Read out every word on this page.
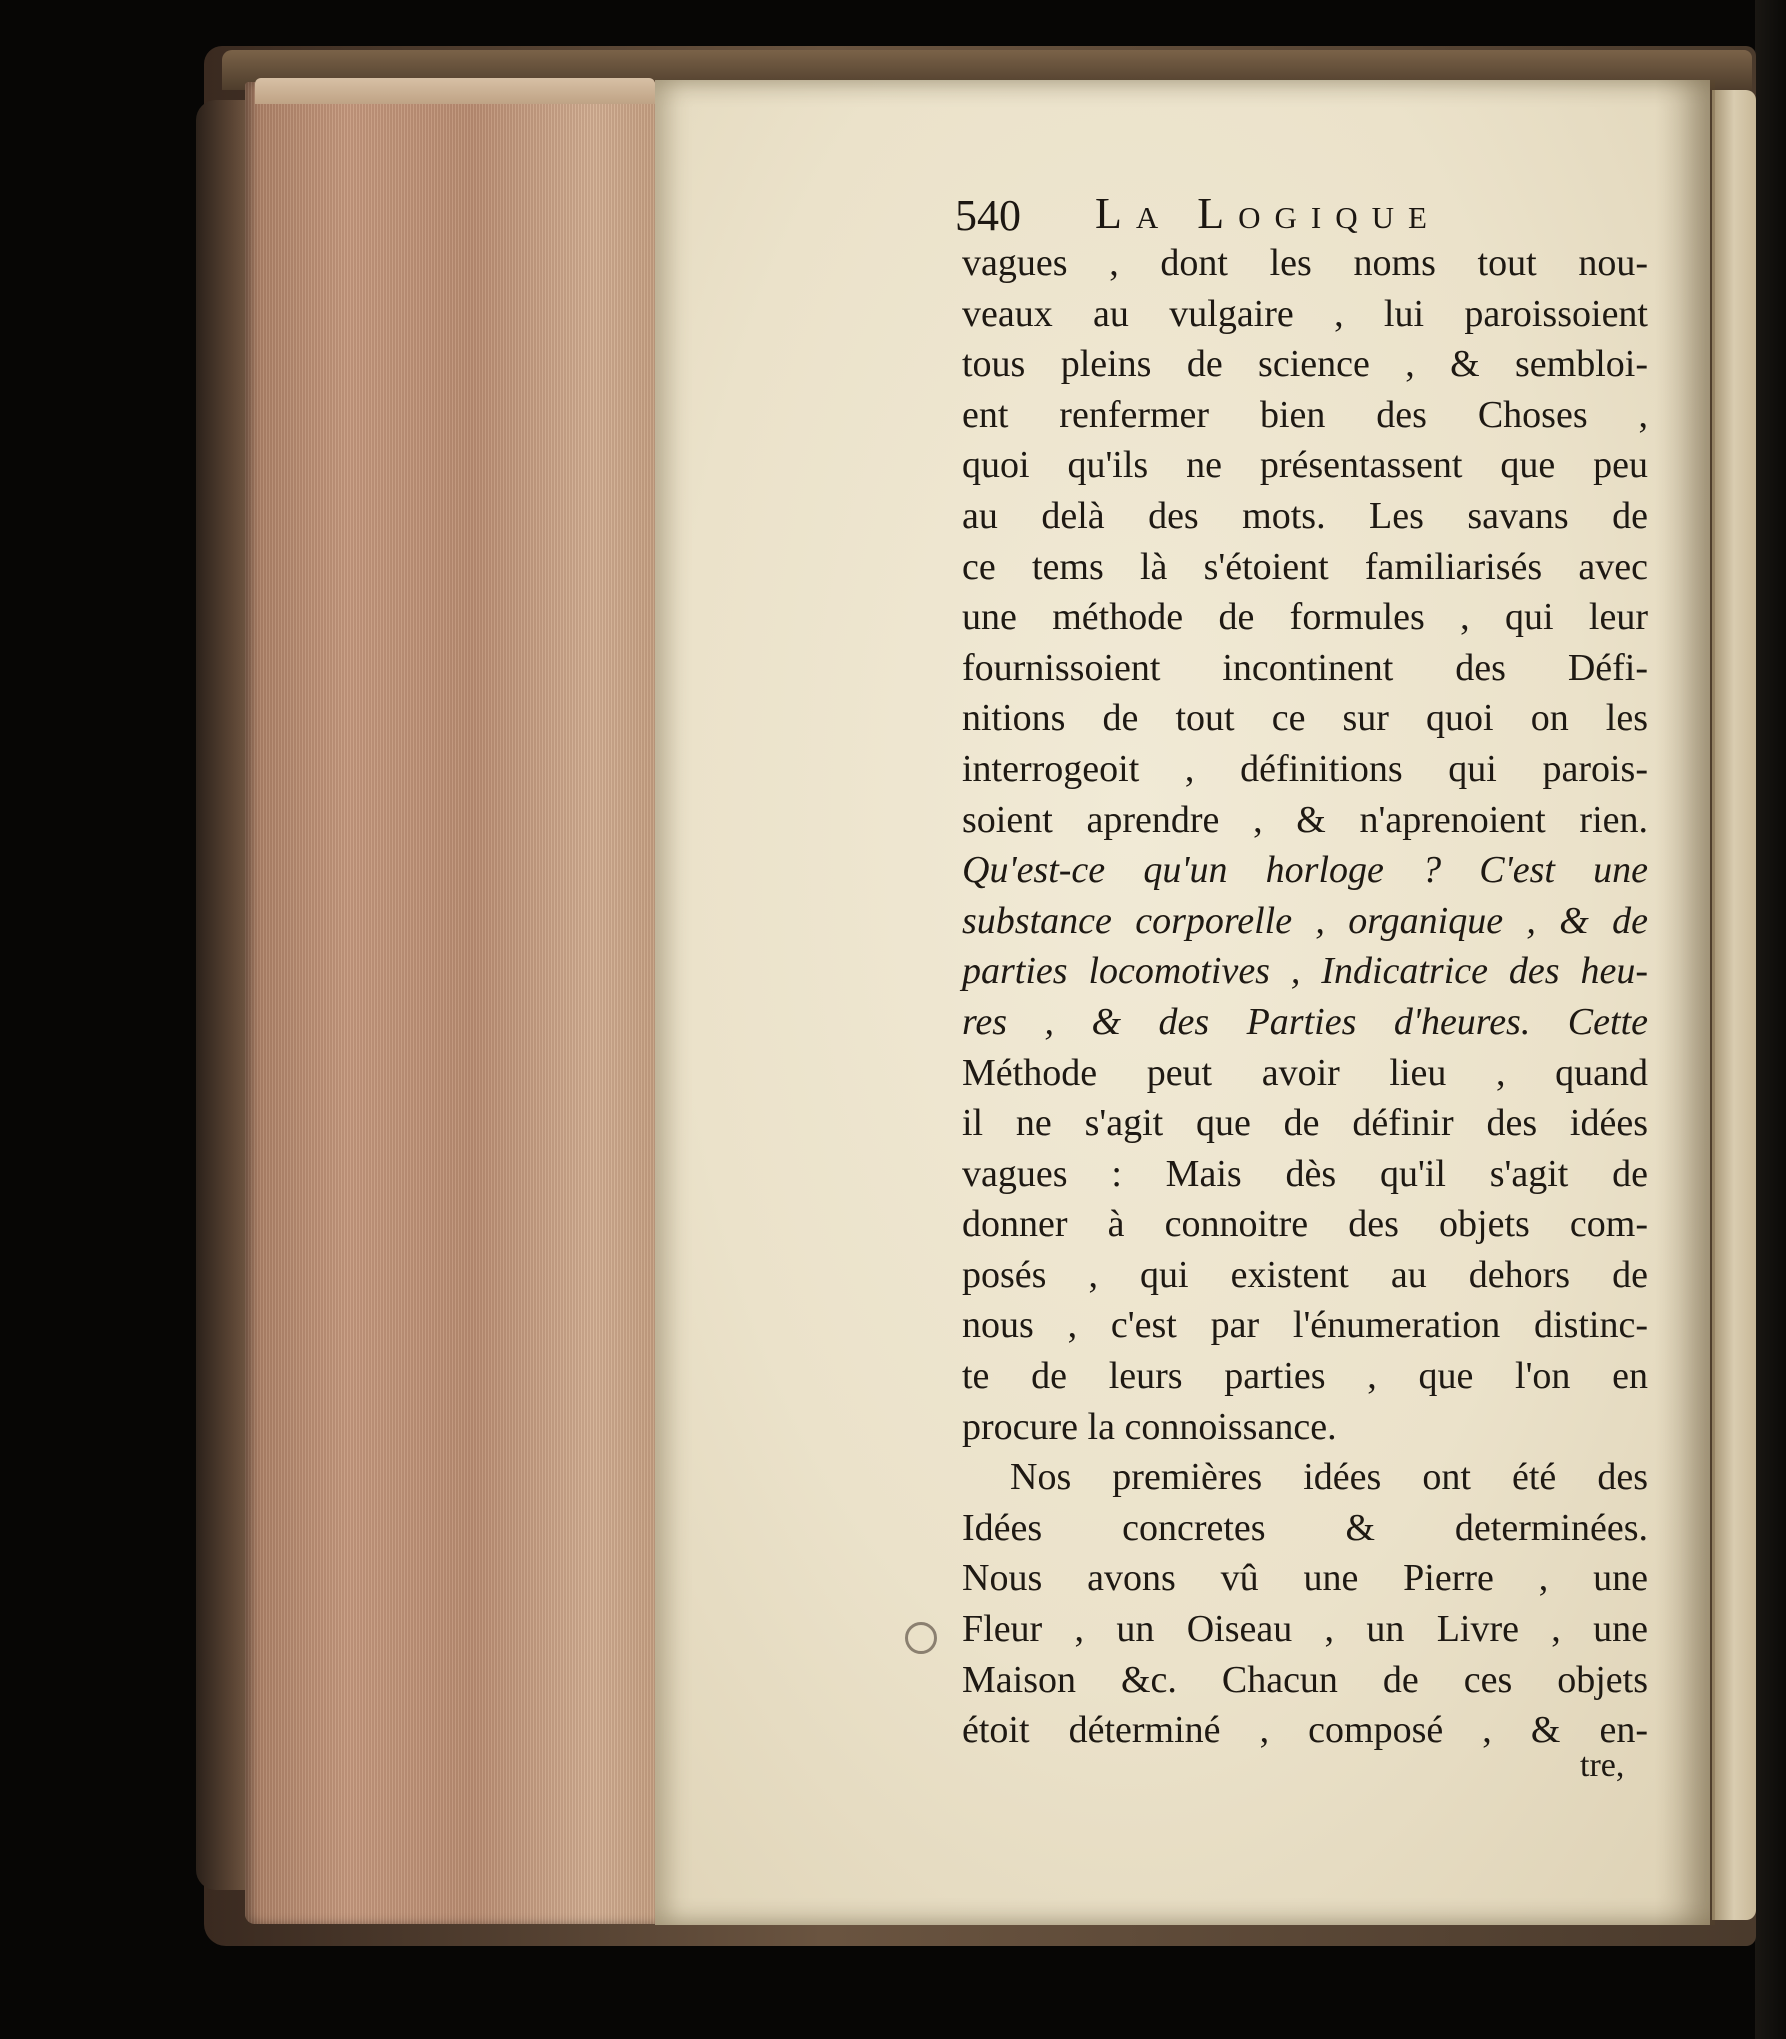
540 La Logique
vagues , dont les noms tout nou-
veaux au vulgaire , lui paroissoient
tous pleins de science , & sembloi-
ent renfermer bien des Choses ,
quoi qu'ils ne présentassent que peu
au delà des mots. Les savans de
ce tems là s'étoient familiarisés avec
une méthode de formules , qui leur
fournissoient incontinent des Défi-
nitions de tout ce sur quoi on les
interrogeoit , définitions qui parois-
soient aprendre , & n'aprenoient rien.
Qu'est-ce qu'un horloge ? C'est une
substance corporelle , organique , & de
parties locomotives , Indicatrice des heu-
res , & des Parties d'heures. Cette
Méthode peut avoir lieu , quand
il ne s'agit que de définir des idées
vagues : Mais dès qu'il s'agit de
donner à connoitre des objets com-
posés , qui existent au dehors de
nous , c'est par l'énumeration distinc-
te de leurs parties , que l'on en
procure la connoissance.
Nos premières idées ont été des
Idées concretes & determinées.
Nous avons vû une Pierre , une
Fleur , un Oiseau , un Livre , une
Maison &c. Chacun de ces objets
étoit déterminé , composé , & en-
tre,
